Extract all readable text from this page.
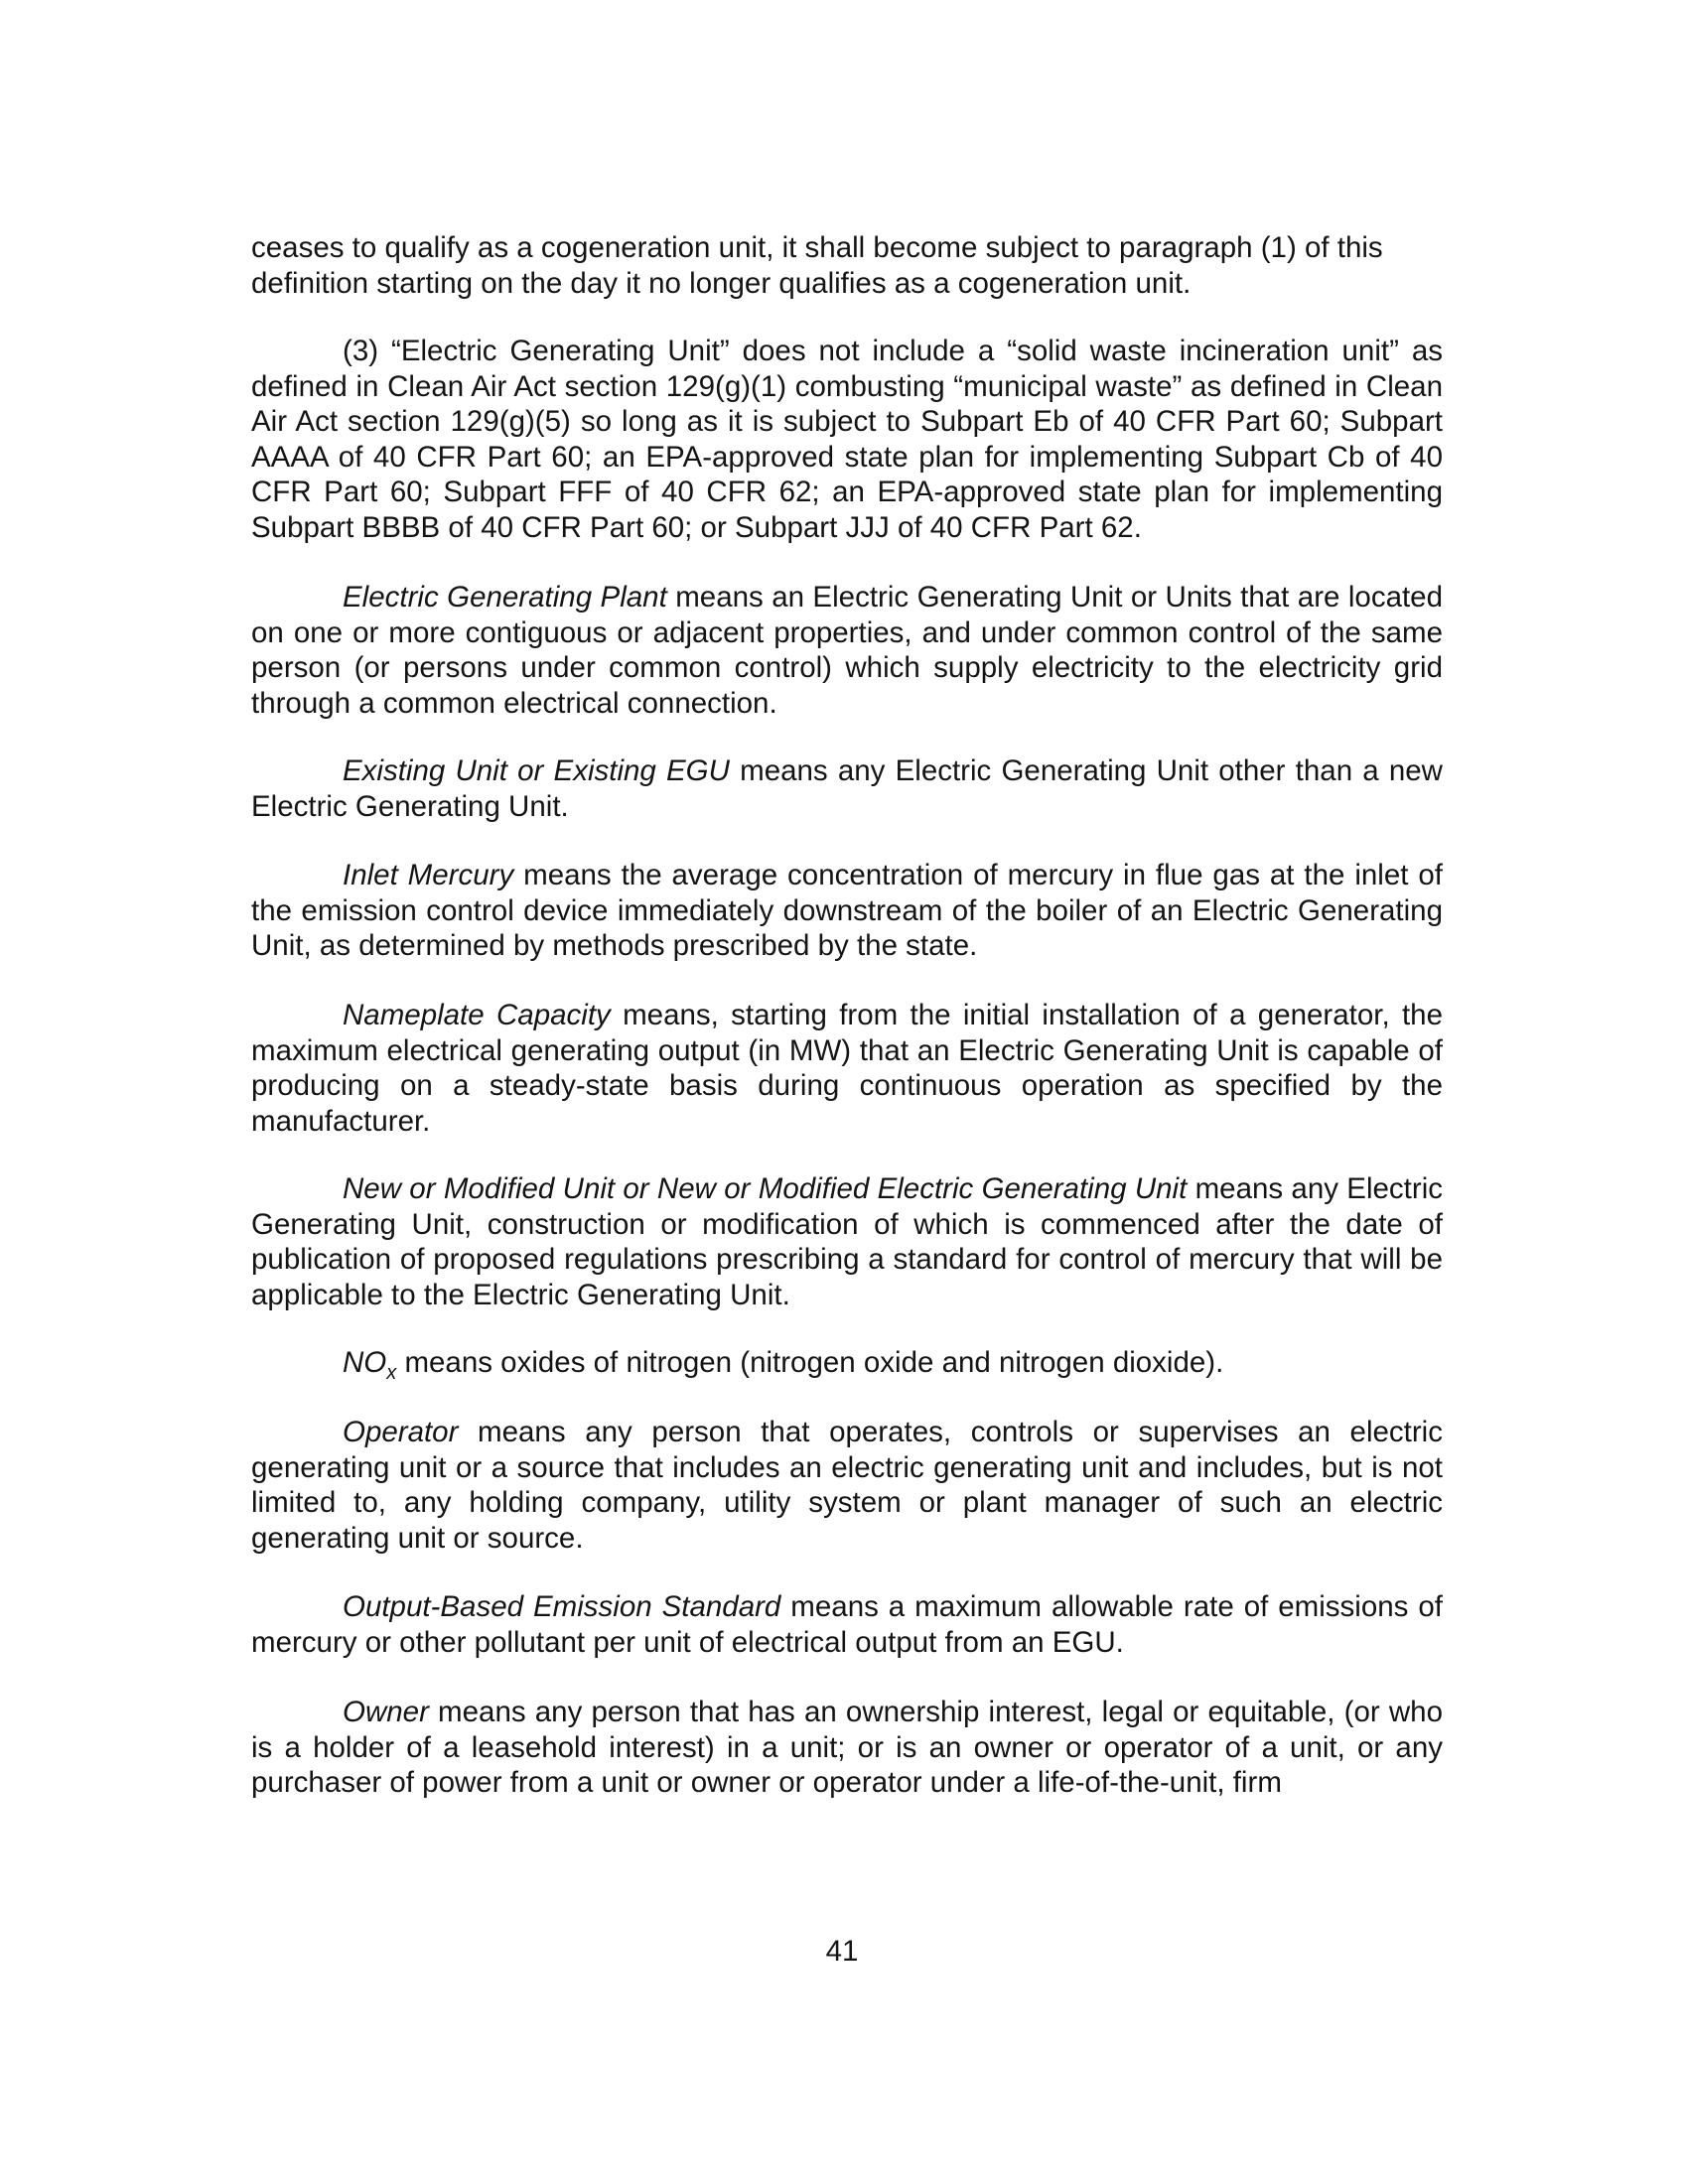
ceases to qualify as a cogeneration unit, it shall become subject to paragraph (1) of this definition starting on the day it no longer qualifies as a cogeneration unit.

(3) “Electric Generating Unit” does not include a “solid waste incineration unit” as defined in Clean Air Act section 129(g)(1) combusting “municipal waste” as defined in Clean Air Act section 129(g)(5) so long as it is subject to Subpart Eb of 40 CFR Part 60; Subpart AAAA of 40 CFR Part 60; an EPA-approved state plan for implementing Subpart Cb of 40 CFR Part 60; Subpart FFF of 40 CFR 62; an EPA-approved state plan for implementing Subpart BBBB of 40 CFR Part 60; or Subpart JJJ of 40 CFR Part 62.

Electric Generating Plant means an Electric Generating Unit or Units that are located on one or more contiguous or adjacent properties, and under common control of the same person (or persons under common control) which supply electricity to the electricity grid through a common electrical connection.

Existing Unit or Existing EGU means any Electric Generating Unit other than a new Electric Generating Unit.

Inlet Mercury means the average concentration of mercury in flue gas at the inlet of the emission control device immediately downstream of the boiler of an Electric Generating Unit, as determined by methods prescribed by the state.

Nameplate Capacity means, starting from the initial installation of a generator, the maximum electrical generating output (in MW) that an Electric Generating Unit is capable of producing on a steady-state basis during continuous operation as specified by the manufacturer.

New or Modified Unit or New or Modified Electric Generating Unit means any Electric Generating Unit, construction or modification of which is commenced after the date of publication of proposed regulations prescribing a standard for control of mercury that will be applicable to the Electric Generating Unit.

$NO_x$ means oxides of nitrogen (nitrogen oxide and nitrogen dioxide).

Operator means any person that operates, controls or supervises an electric generating unit or a source that includes an electric generating unit and includes, but is not limited to, any holding company, utility system or plant manager of such an electric generating unit or source.

Output-Based Emission Standard means a maximum allowable rate of emissions of mercury or other pollutant per unit of electrical output from an EGU.

Owner means any person that has an ownership interest, legal or equitable, (or who is a holder of a leasehold interest) in a unit; or is an owner or operator of a unit, or any purchaser of power from a unit or owner or operator under a life-of-the-unit, firm

41
